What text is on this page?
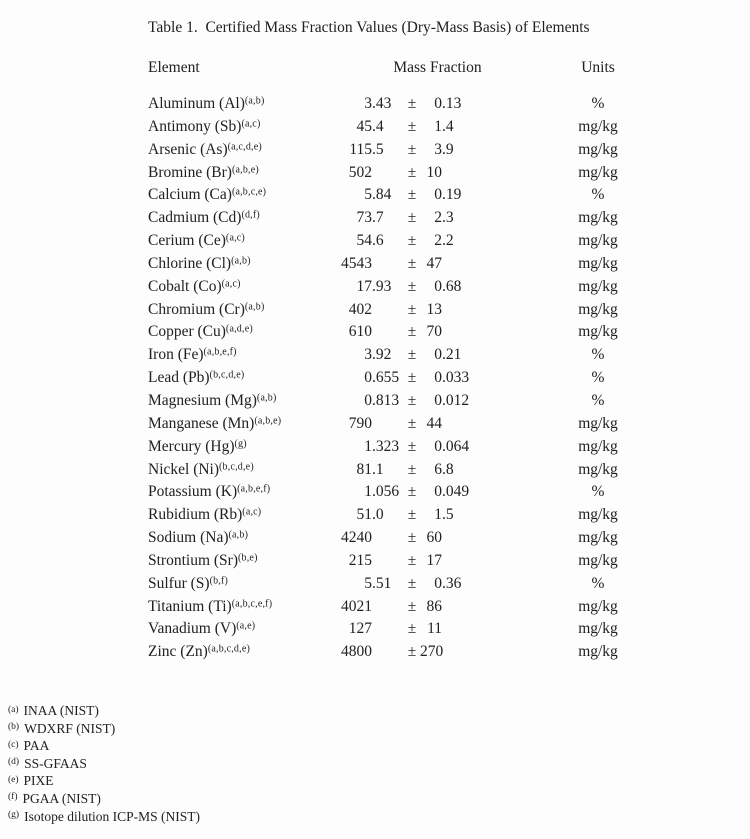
Table 1.  Certified Mass Fraction Values (Dry-Mass Basis) of Elements
Element	Mass Fraction	Units
Aluminum (Al)$^{(a,b)}$	3 .43	±	0 .13	%
Antimony (Sb)$^{(a,c)}$	45 .4	±	1 .4	mg/kg
Arsenic (As)$^{(a,c,d,e)}$	115 .5	±	3 .9	mg/kg
Bromine (Br)$^{(a,b,e)}$	502 ± 10	mg/kg
Calcium (Ca)$^{(a,b,c,e)}$	5 .84	±	0 .19	%
Cadmium (Cd)$^{(d,f)}$	73 .7	±	2 .3	mg/kg
Cerium (Ce)$^{(a,c)}$	54 .6	±	2 .2	mg/kg
Chlorine (Cl)$^{(a,b)}$	4543 ± 47	mg/kg
Cobalt (Co)$^{(a,c)}$	17 .93	±	0 .68	mg/kg
Chromium (Cr)$^{(a,b)}$	402 ± 13	mg/kg
Copper (Cu)$^{(a,d,e)}$	610 ± 70	mg/kg
Iron (Fe)$^{(a,b,e,f)}$	3 .92	±	0 .21	%
Lead (Pb)$^{(b,c,d,e)}$	0 .655 ±	0 .033	%
Magnesium (Mg)$^{(a,b)}$	0 .813 ±	0 .012	%
Manganese (Mn)$^{(a,b,e)}$	790 ± 44	mg/kg
Mercury (Hg)$^{(g)}$	1 .323 ±	0 .064	mg/kg
Nickel (Ni)$^{(b,c,d,e)}$	81 .1	±	6 .8	mg/kg
Potassium (K)$^{(a,b,e,f)}$	1 .056 ±	0 .049	%
Rubidium (Rb)$^{(a,c)}$	51 .0	±	1 .5	mg/kg
Sodium (Na)$^{(a,b)}$	4240 ± 60	mg/kg
Strontium (Sr)$^{(b,e)}$	215 ± 17	mg/kg
Sulfur (S)$^{(b,f)}$	5 .51	±	0 .36	%
Titanium (Ti)$^{(a,b,c,e,f)}$	4021 ± 86	mg/kg
Vanadium (V)$^{(a,e)}$	127 ± 11	mg/kg
Zinc (Zn)$^{(a,b,c,d,e)}$	4800 ± 270	mg/kg
$^{(a)}$ INAA (NIST)
$^{(b)}$ WDXRF (NIST)
$^{(c)}$ PAA
$^{(d)}$ SS-GFAAS
$^{(e)}$ PIXE
$^{(f)}$ PGAA (NIST)
$^{(g)}$ Isotope dilution ICP-MS (NIST)
